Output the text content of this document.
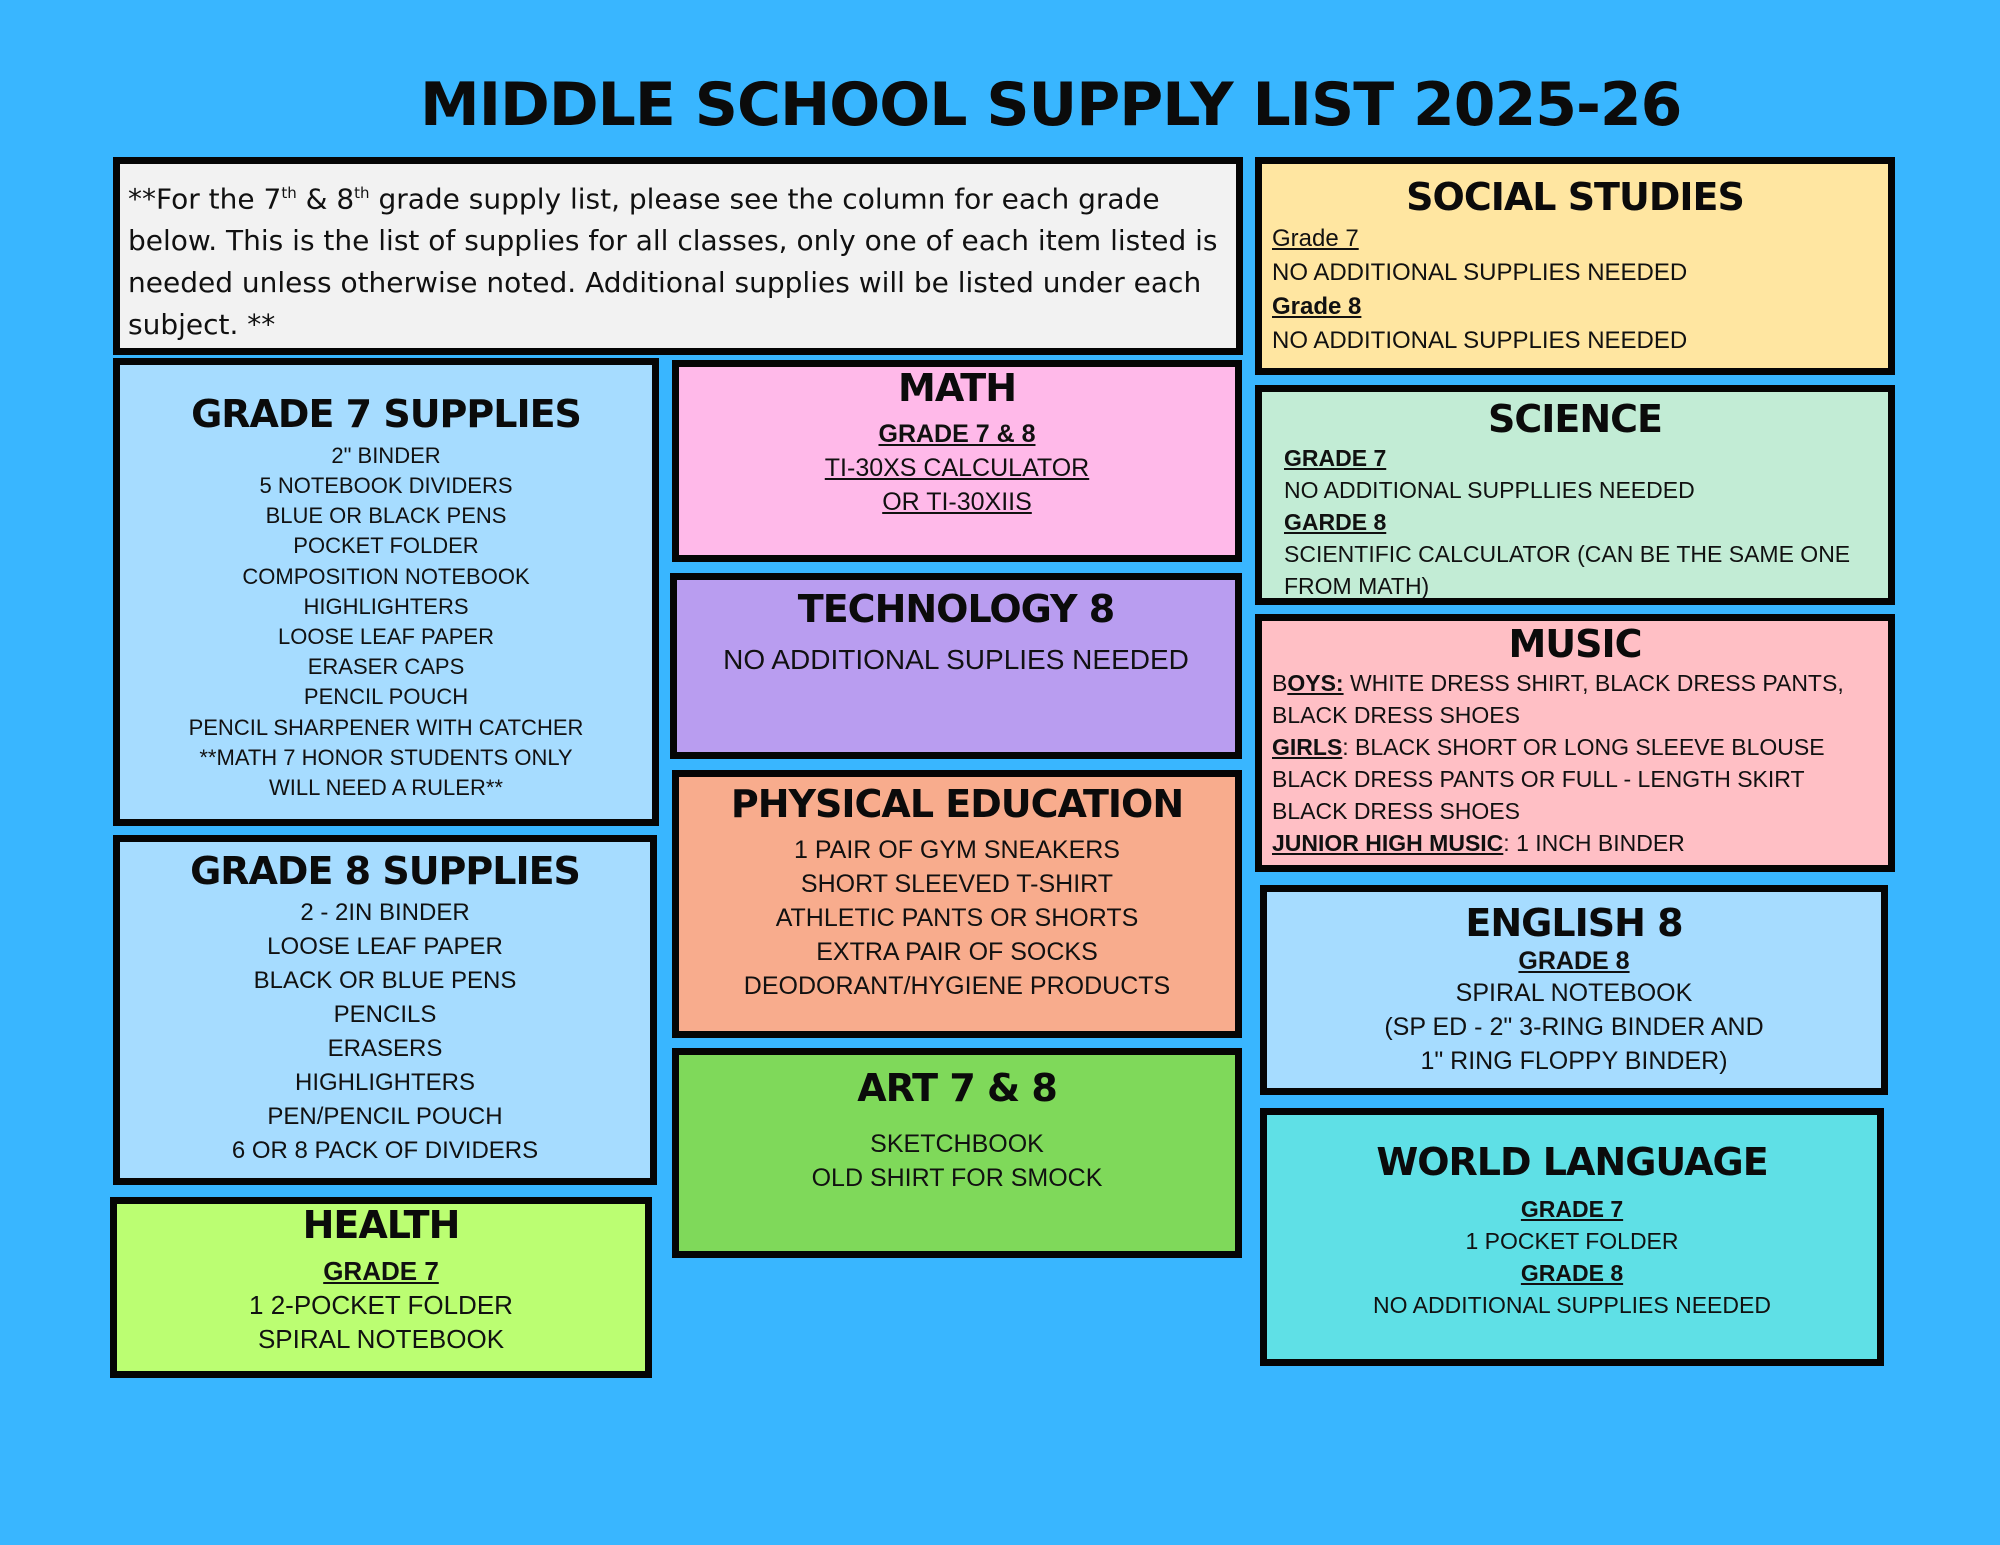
MIDDLE SCHOOL SUPPLY LIST 2025-26
**For the 7th & 8th grade supply list, please see the column for each grade below. This is the list of supplies for all classes, only one of each item listed is needed unless otherwise noted. Additional supplies will be listed under each subject. **
GRADE 7 SUPPLIES
2" BINDER
5 NOTEBOOK DIVIDERS
BLUE OR BLACK PENS
POCKET FOLDER
COMPOSITION NOTEBOOK
HIGHLIGHTERS
LOOSE LEAF PAPER
ERASER CAPS
PENCIL POUCH
PENCIL SHARPENER WITH CATCHER
**MATH 7 HONOR STUDENTS ONLY
WILL NEED A RULER**
GRADE 8 SUPPLIES
2 - 2IN BINDER
LOOSE LEAF PAPER
BLACK OR BLUE PENS
PENCILS
ERASERS
HIGHLIGHTERS
PEN/PENCIL POUCH
6 OR 8 PACK OF DIVIDERS
HEALTH
GRADE 7
1 2-POCKET FOLDER
SPIRAL NOTEBOOK
MATH
GRADE 7 & 8
TI-30XS CALCULATOR
OR TI-30XIIS
TECHNOLOGY 8
NO ADDITIONAL SUPLIES NEEDED
PHYSICAL EDUCATION
1 PAIR OF GYM SNEAKERS
SHORT SLEEVED T-SHIRT
ATHLETIC PANTS OR SHORTS
EXTRA PAIR OF SOCKS
DEODORANT/HYGIENE PRODUCTS
ART 7 & 8
SKETCHBOOK
OLD SHIRT FOR SMOCK
SOCIAL STUDIES
Grade 7
NO ADDITIONAL SUPPLIES NEEDED
Grade 8
NO ADDITIONAL SUPPLIES NEEDED
SCIENCE
GRADE 7
NO ADDITIONAL SUPPLLIES NEEDED
GARDE 8
SCIENTIFIC CALCULATOR (CAN BE THE SAME ONE
FROM MATH)
MUSIC
BOYS: WHITE DRESS SHIRT, BLACK DRESS PANTS,
BLACK DRESS SHOES
GIRLS: BLACK SHORT OR LONG SLEEVE BLOUSE
BLACK DRESS PANTS OR FULL - LENGTH SKIRT
BLACK DRESS SHOES
JUNIOR HIGH MUSIC: 1 INCH BINDER
ENGLISH 8
GRADE 8
SPIRAL NOTEBOOK
(SP ED - 2" 3-RING BINDER AND
1" RING FLOPPY BINDER)
WORLD LANGUAGE
GRADE 7
1 POCKET FOLDER
GRADE 8
NO ADDITIONAL SUPPLIES NEEDED
